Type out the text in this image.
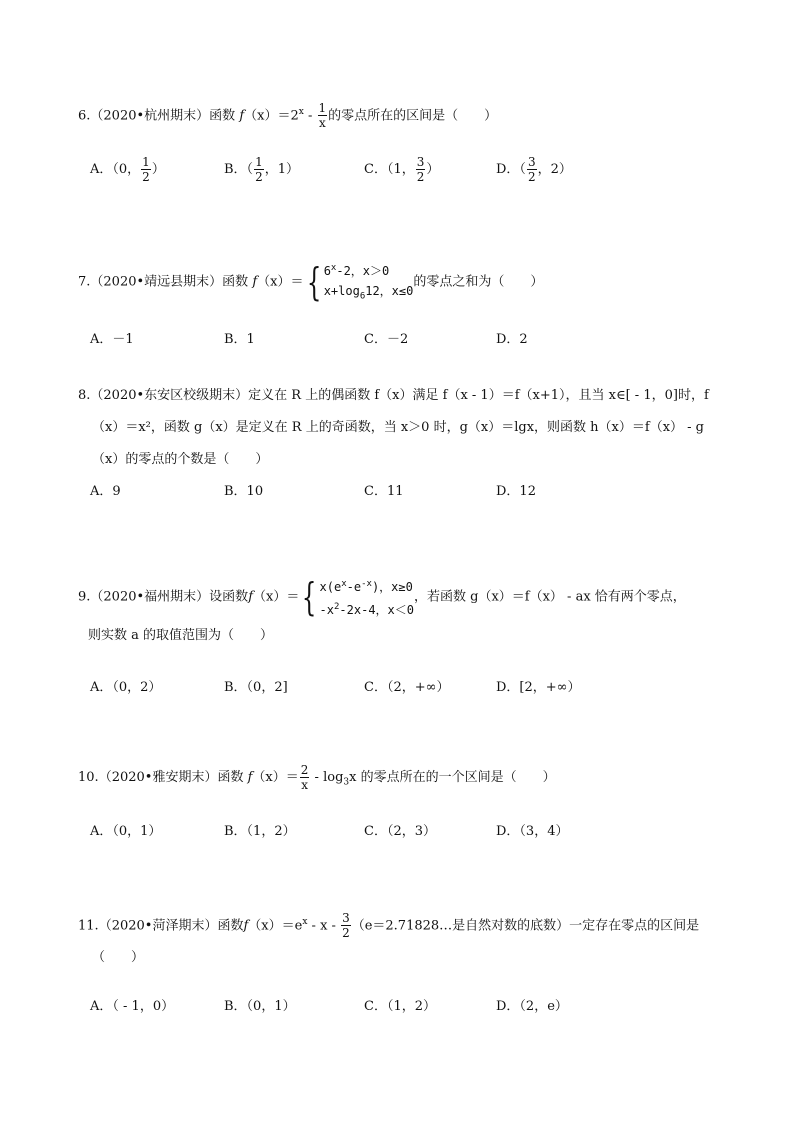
6.（2020•杭州期末）函数 $f(x)=2^x - \frac{1}{x}$ 的零点所在的区间是（　　）
A．（0， $\frac{1}{2}$ ）	B．（ $\frac{1}{2}$ ，1）	C．（1， $\frac{3}{2}$ ）	D．（ $\frac{3}{2}$ ，2）
7.（2020•靖远县期末）函数 f（x）＝ { 6$^x$-2，x＞0
$x+\log_612$，x≤0
的零点之和为（　　）
A．－1	B．1	C．－2	D．2
8.（2020•东安区校级期末）定义在 R 上的偶函数 f（x）满足 f（x - 1）＝f（x+1），且当 x∈[ - 1，0]时，f
（x）＝x²，函数 g（x）是定义在 R 上的奇函数，当 x＞0 时，g（x）＝lgx，则函数 h（x）＝f（x） - g
（x）的零点的个数是（　　）
A．9	B．10	C．11	D．12
9.（2020•福州期末）设函数f（x）＝ { $x(e^x-e^{-x})$，x≥0
$-x^2-2x-4$，x＜0
，若函数 g（x）＝f（x） - ax 恰有两个零点，
则实数 a 的取值范围为（　　）
A．（0，2）	B．（0，2]	C．（2，+∞）	D．[2，+∞）
10.（2020•雅安期末）函数 $f(x)= \frac{2}{x} - \log_3x$ 的零点所在的一个区间是（　　）
A．（0，1）	B．（1，2）	C．（2，3）	D．（3，4）
11.（2020•菏泽期末）函数$f(x)=e^x - x - \frac{3}{2}$ （e＝2.71828…是自然对数的底数）一定存在零点的区间是
（　　）
A．（ - 1，0）	B．（0，1）	C．（1，2）	D．（2，e）
